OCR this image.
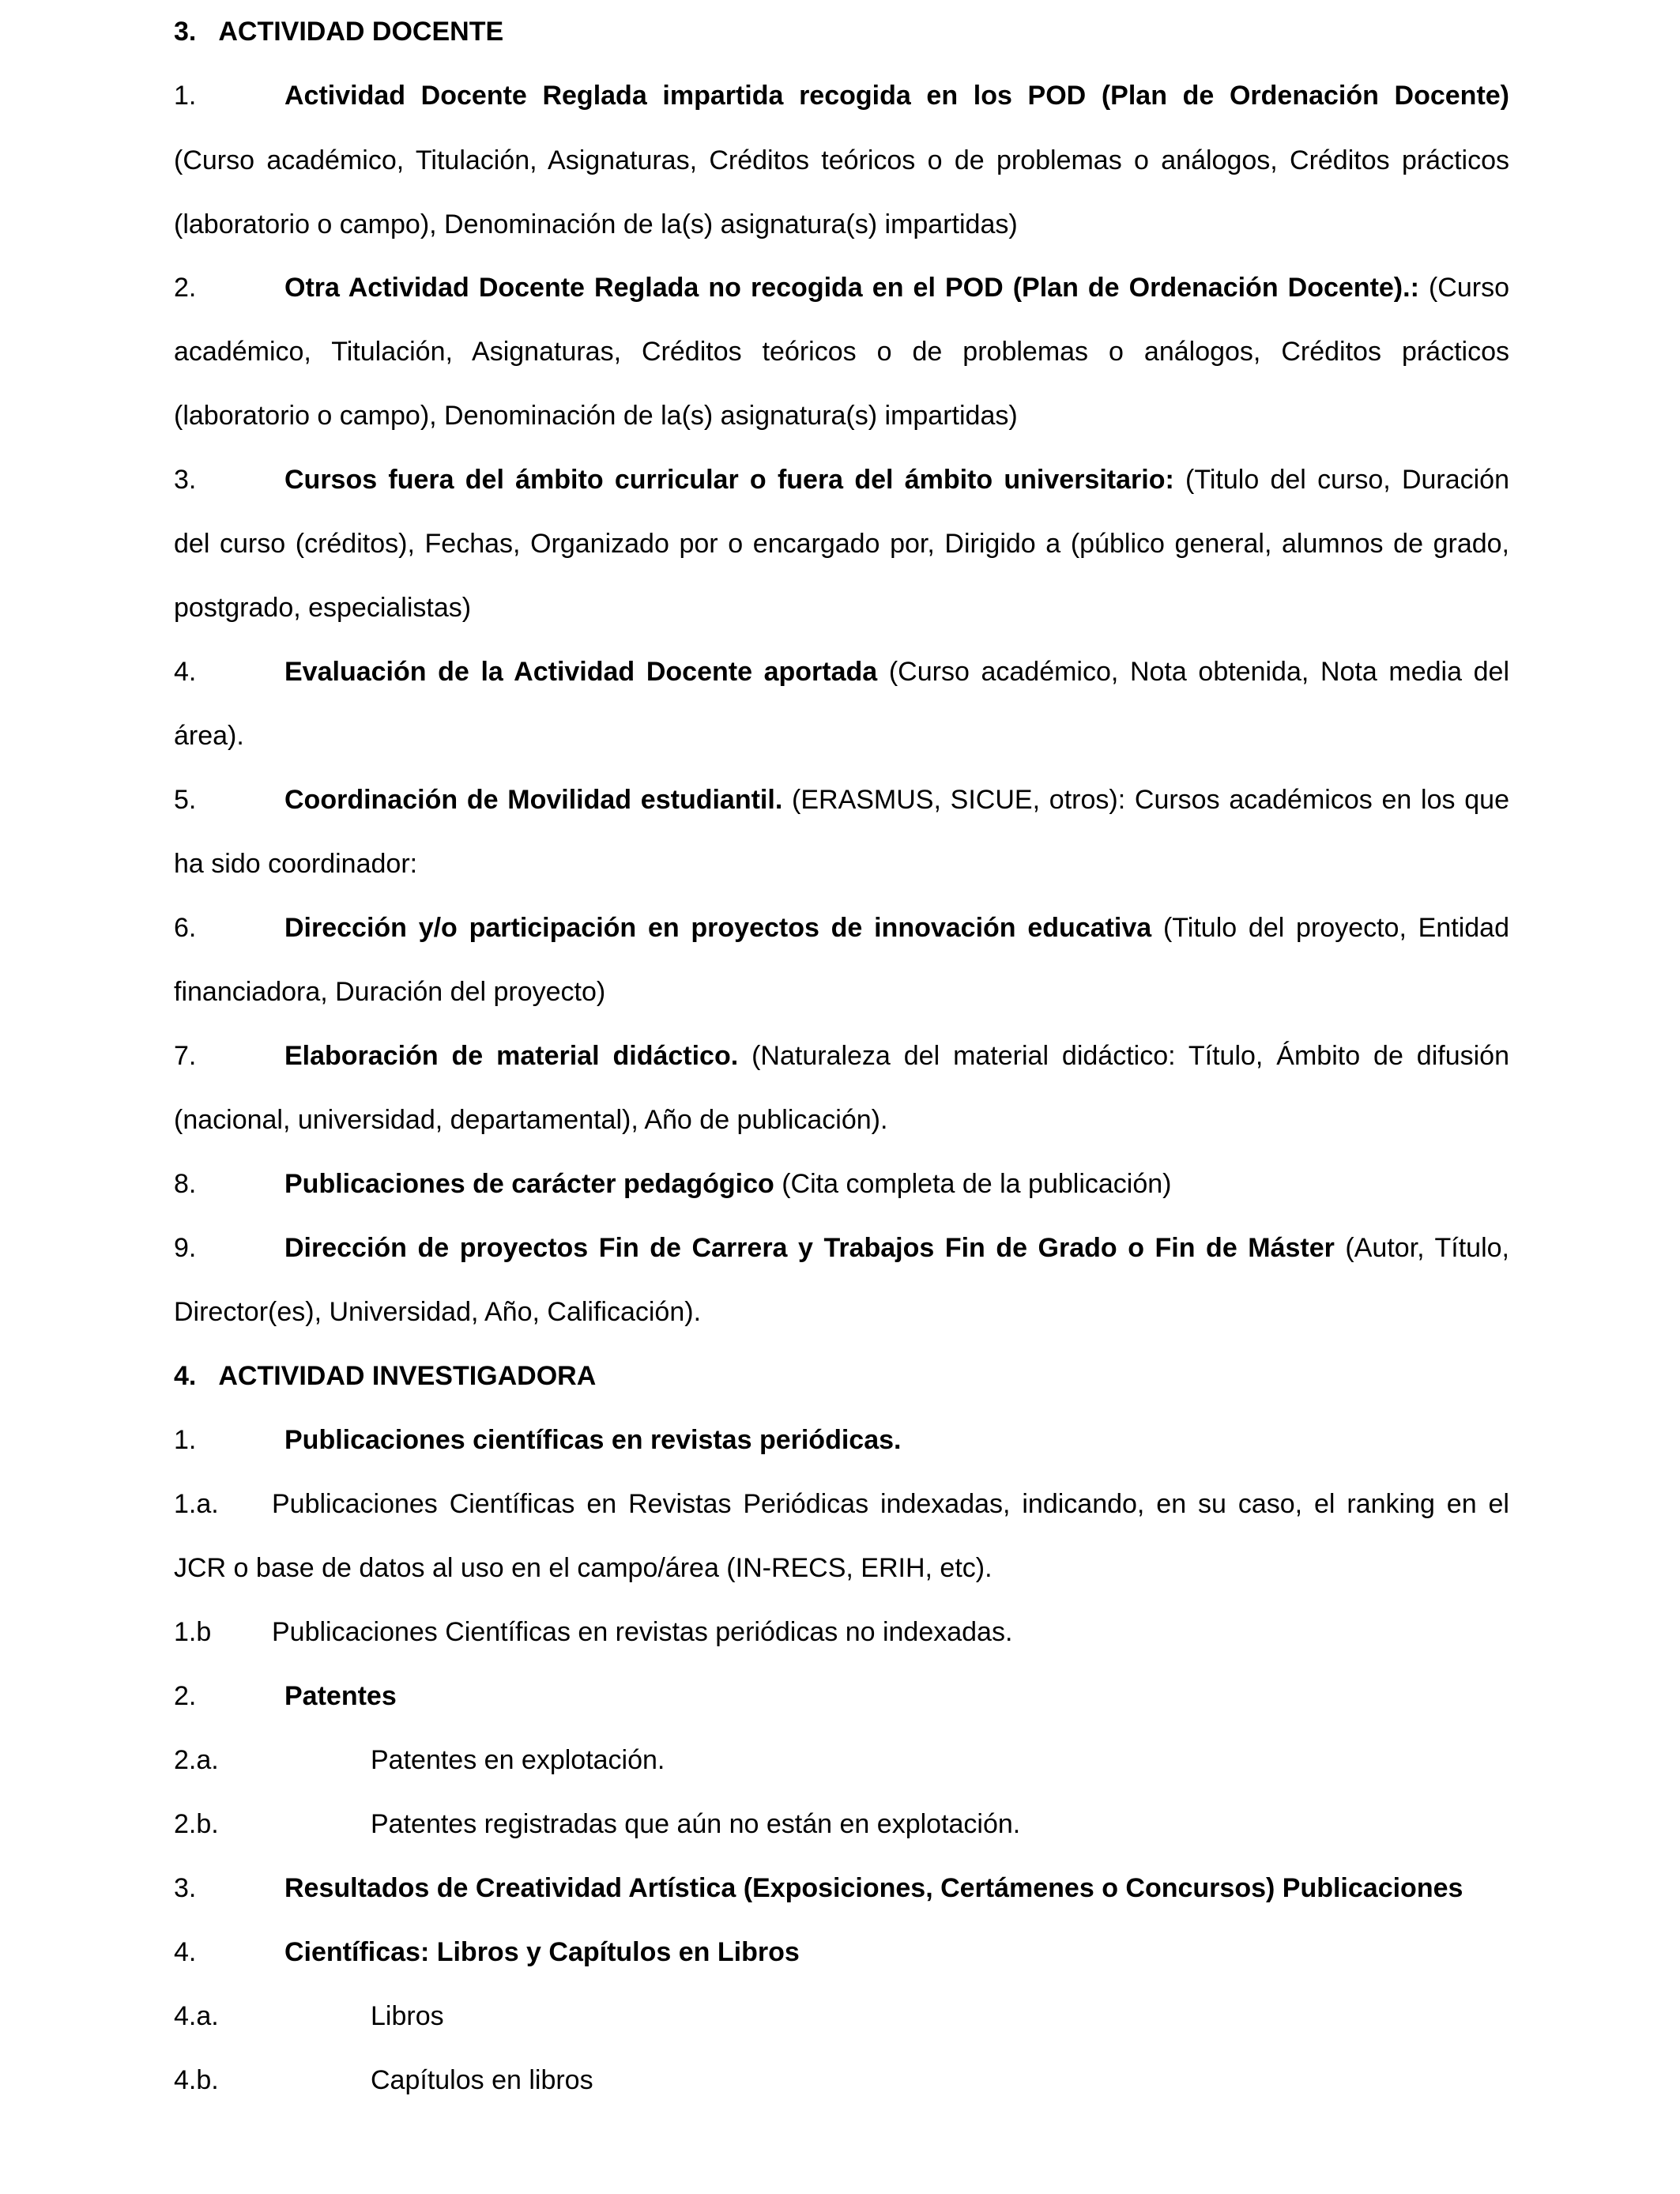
3. ACTIVIDAD DOCENTE
1.	Actividad Docente Reglada impartida recogida en los POD (Plan de Ordenación Docente)
(Curso académico, Titulación, Asignaturas, Créditos teóricos o de problemas o análogos, Créditos prácticos
(laboratorio o campo), Denominación de la(s) asignatura(s) impartidas)
2.	Otra Actividad Docente Reglada no recogida en el POD (Plan de Ordenación Docente).: (Curso
académico, Titulación, Asignaturas, Créditos teóricos o de problemas o análogos, Créditos prácticos
(laboratorio o campo), Denominación de la(s) asignatura(s) impartidas)
3.	Cursos fuera del ámbito curricular o fuera del ámbito universitario: (Titulo del curso, Duración
del curso (créditos), Fechas, Organizado por o encargado por, Dirigido a (público general, alumnos de grado,
postgrado, especialistas)
4.	Evaluación de la Actividad Docente aportada (Curso académico, Nota obtenida, Nota media del
área).
5.	Coordinación de Movilidad estudiantil. (ERASMUS, SICUE, otros): Cursos académicos en los que
ha sido coordinador:
6.	Dirección y/o participación en proyectos de innovación educativa (Titulo del proyecto, Entidad
financiadora, Duración del proyecto)
7.	Elaboración de material didáctico. (Naturaleza del material didáctico: Título, Ámbito de difusión
(nacional, universidad, departamental), Año de publicación).
8.	Publicaciones de carácter pedagógico (Cita completa de la publicación)
9.	Dirección de proyectos Fin de Carrera y Trabajos Fin de Grado o Fin de Máster (Autor, Título,
Director(es), Universidad, Año, Calificación).
4. ACTIVIDAD INVESTIGADORA
1.	Publicaciones científicas en revistas periódicas.
1.a. Publicaciones Científicas en Revistas Periódicas indexadas, indicando, en su caso, el ranking en el
JCR o base de datos al uso en el campo/área (IN-RECS, ERIH, etc).
1.b Publicaciones Científicas en revistas periódicas no indexadas.
2.	Patentes
2.a.	Patentes en explotación.
2.b.	Patentes registradas que aún no están en explotación.
3.	Resultados de Creatividad Artística (Exposiciones, Certámenes o Concursos) Publicaciones
4.	Científicas: Libros y Capítulos en Libros
4.a.	Libros
4.b.	Capítulos en libros
